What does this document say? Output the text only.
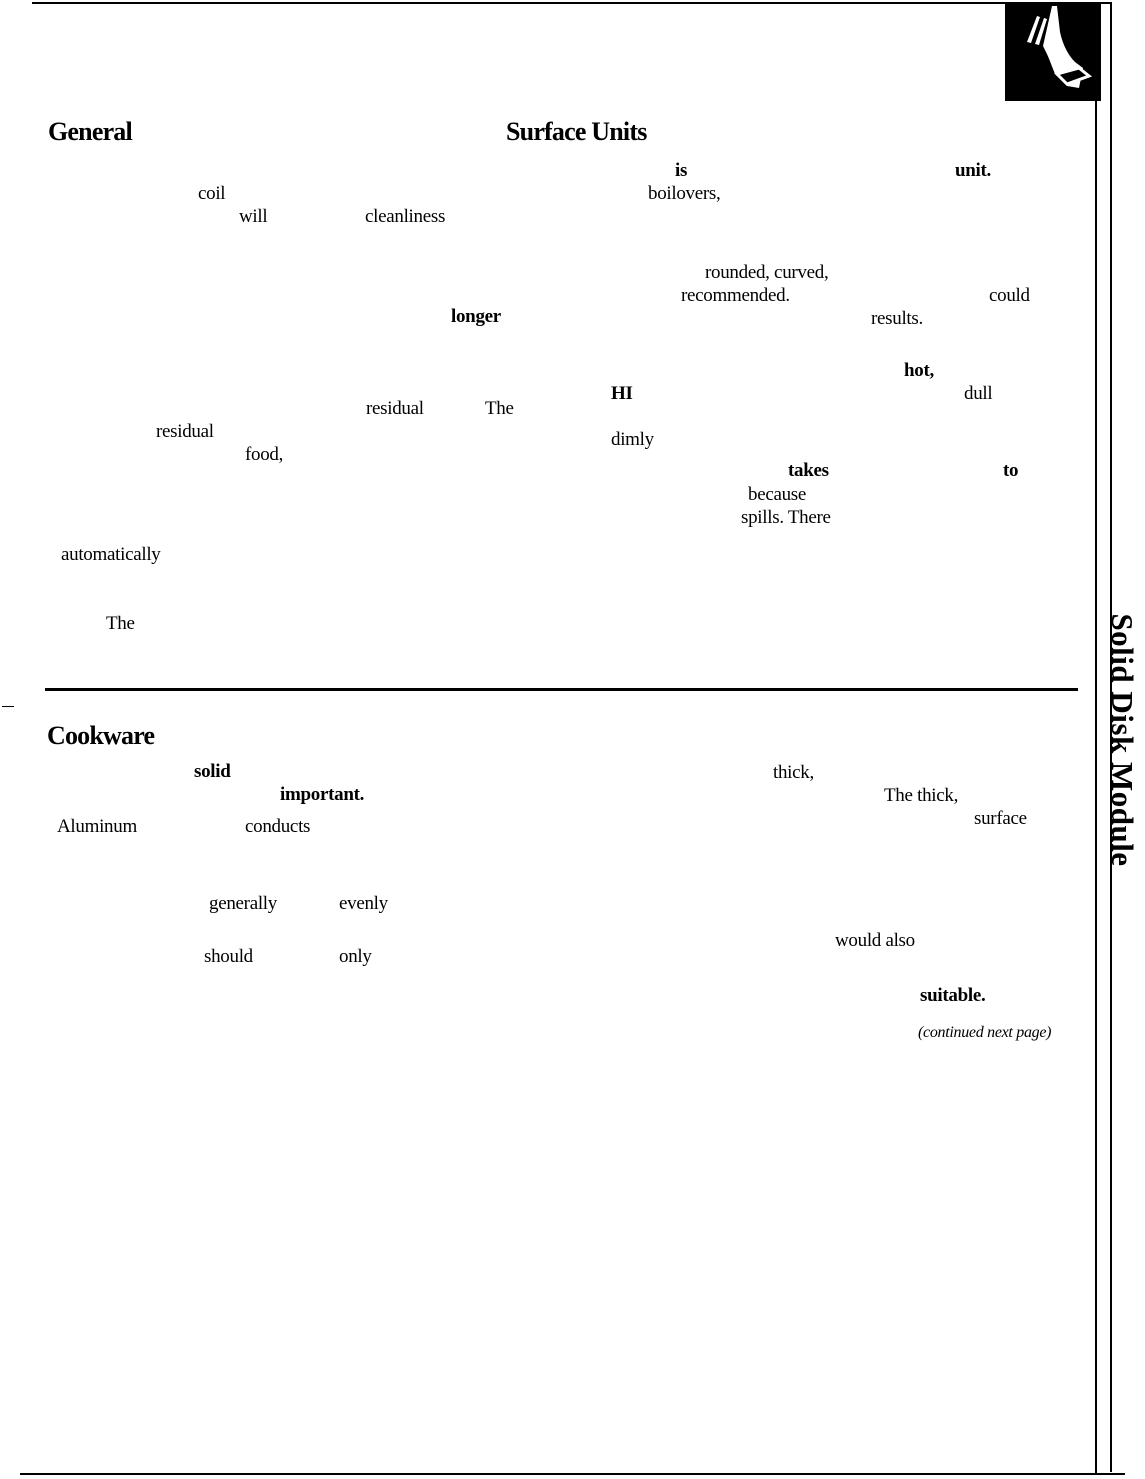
Solid Disk Module
General	Surface Units
Cookware
coil
will	cleanliness
longer
residual	The
residual
food,
automatically
The
is	unit.
boilovers,
rounded, curved,
recommended.	could
results.
hot,
HI	dull
dimly
takes	to
because
spills. There
solid
important.
Aluminum	conducts
generally	evenly
should	only
thick,
The thick,
surface
would also
suitable.
(continued next page)
